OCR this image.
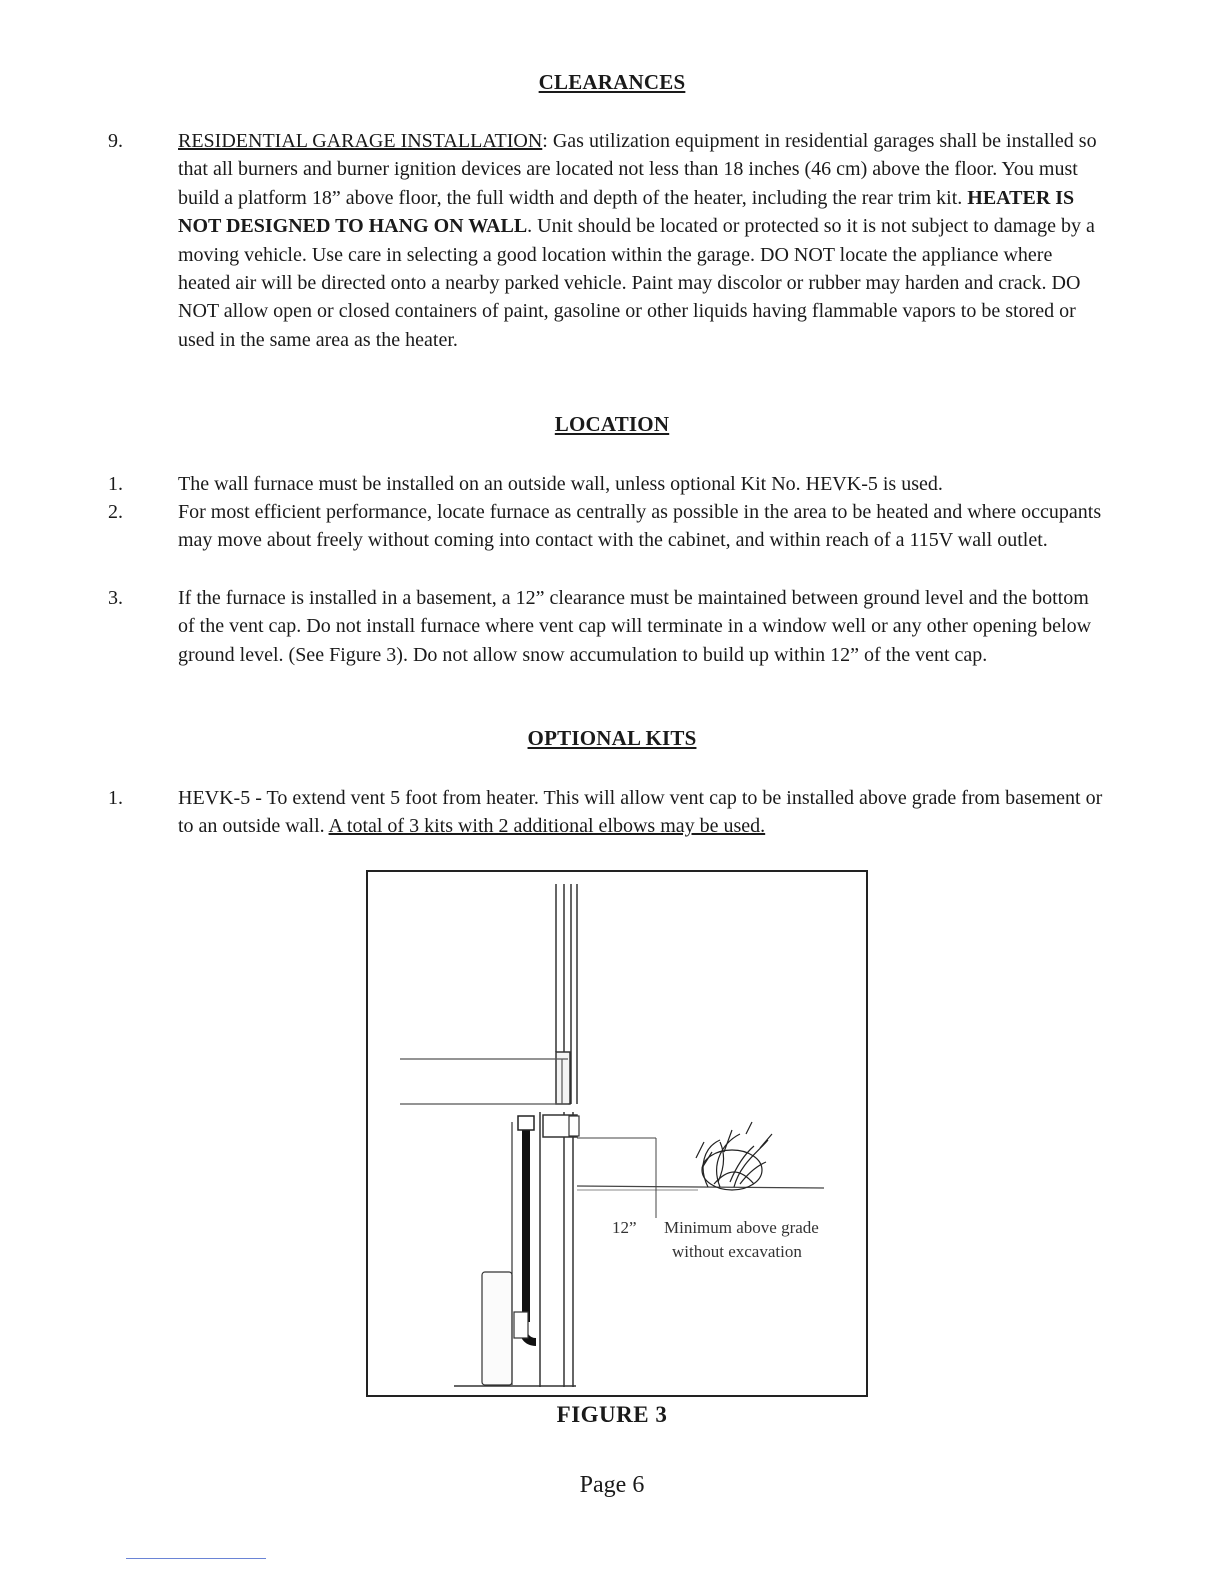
CLEARANCES
9.	RESIDENTIAL GARAGE INSTALLATION: Gas utilization equipment in residential garages shall be installed so that all burners and burner ignition devices are located not less than 18 inches (46 cm) above the floor. You must build a platform 18” above floor, the full width and depth of the heater, including the rear trim kit. HEATER IS NOT DESIGNED TO HANG ON WALL. Unit should be located or protected so it is not subject to damage by a moving vehicle. Use care in selecting a good location within the garage. DO NOT locate the appliance where heated air will be directed onto a nearby parked vehicle. Paint may discolor or rubber may harden and crack. DO NOT allow open or closed containers of paint, gasoline or other liquids having flammable vapors to be stored or used in the same area as the heater.
LOCATION
1.	The wall furnace must be installed on an outside wall, unless optional Kit No. HEVK-5 is used.
2.	For most efficient performance, locate furnace as centrally as possible in the area to be heated and where occupants may move about freely without coming into contact with the cabinet, and within reach of a 115V wall outlet.
3.	If the furnace is installed in a basement, a 12” clearance must be maintained between ground level and the bottom of the vent cap. Do not install furnace where vent cap will terminate in a window well or any other opening below ground level. (See Figure 3). Do not allow snow accumulation to build up within 12” of the vent cap.
OPTIONAL KITS
1.	HEVK-5 - To extend vent 5 foot from heater. This will allow vent cap to be installed above grade from basement or to an outside wall. A total of 3 kits with 2 additional elbows may be used.
12” Minimum above grade
without excavation
FIGURE 3
Page 6
